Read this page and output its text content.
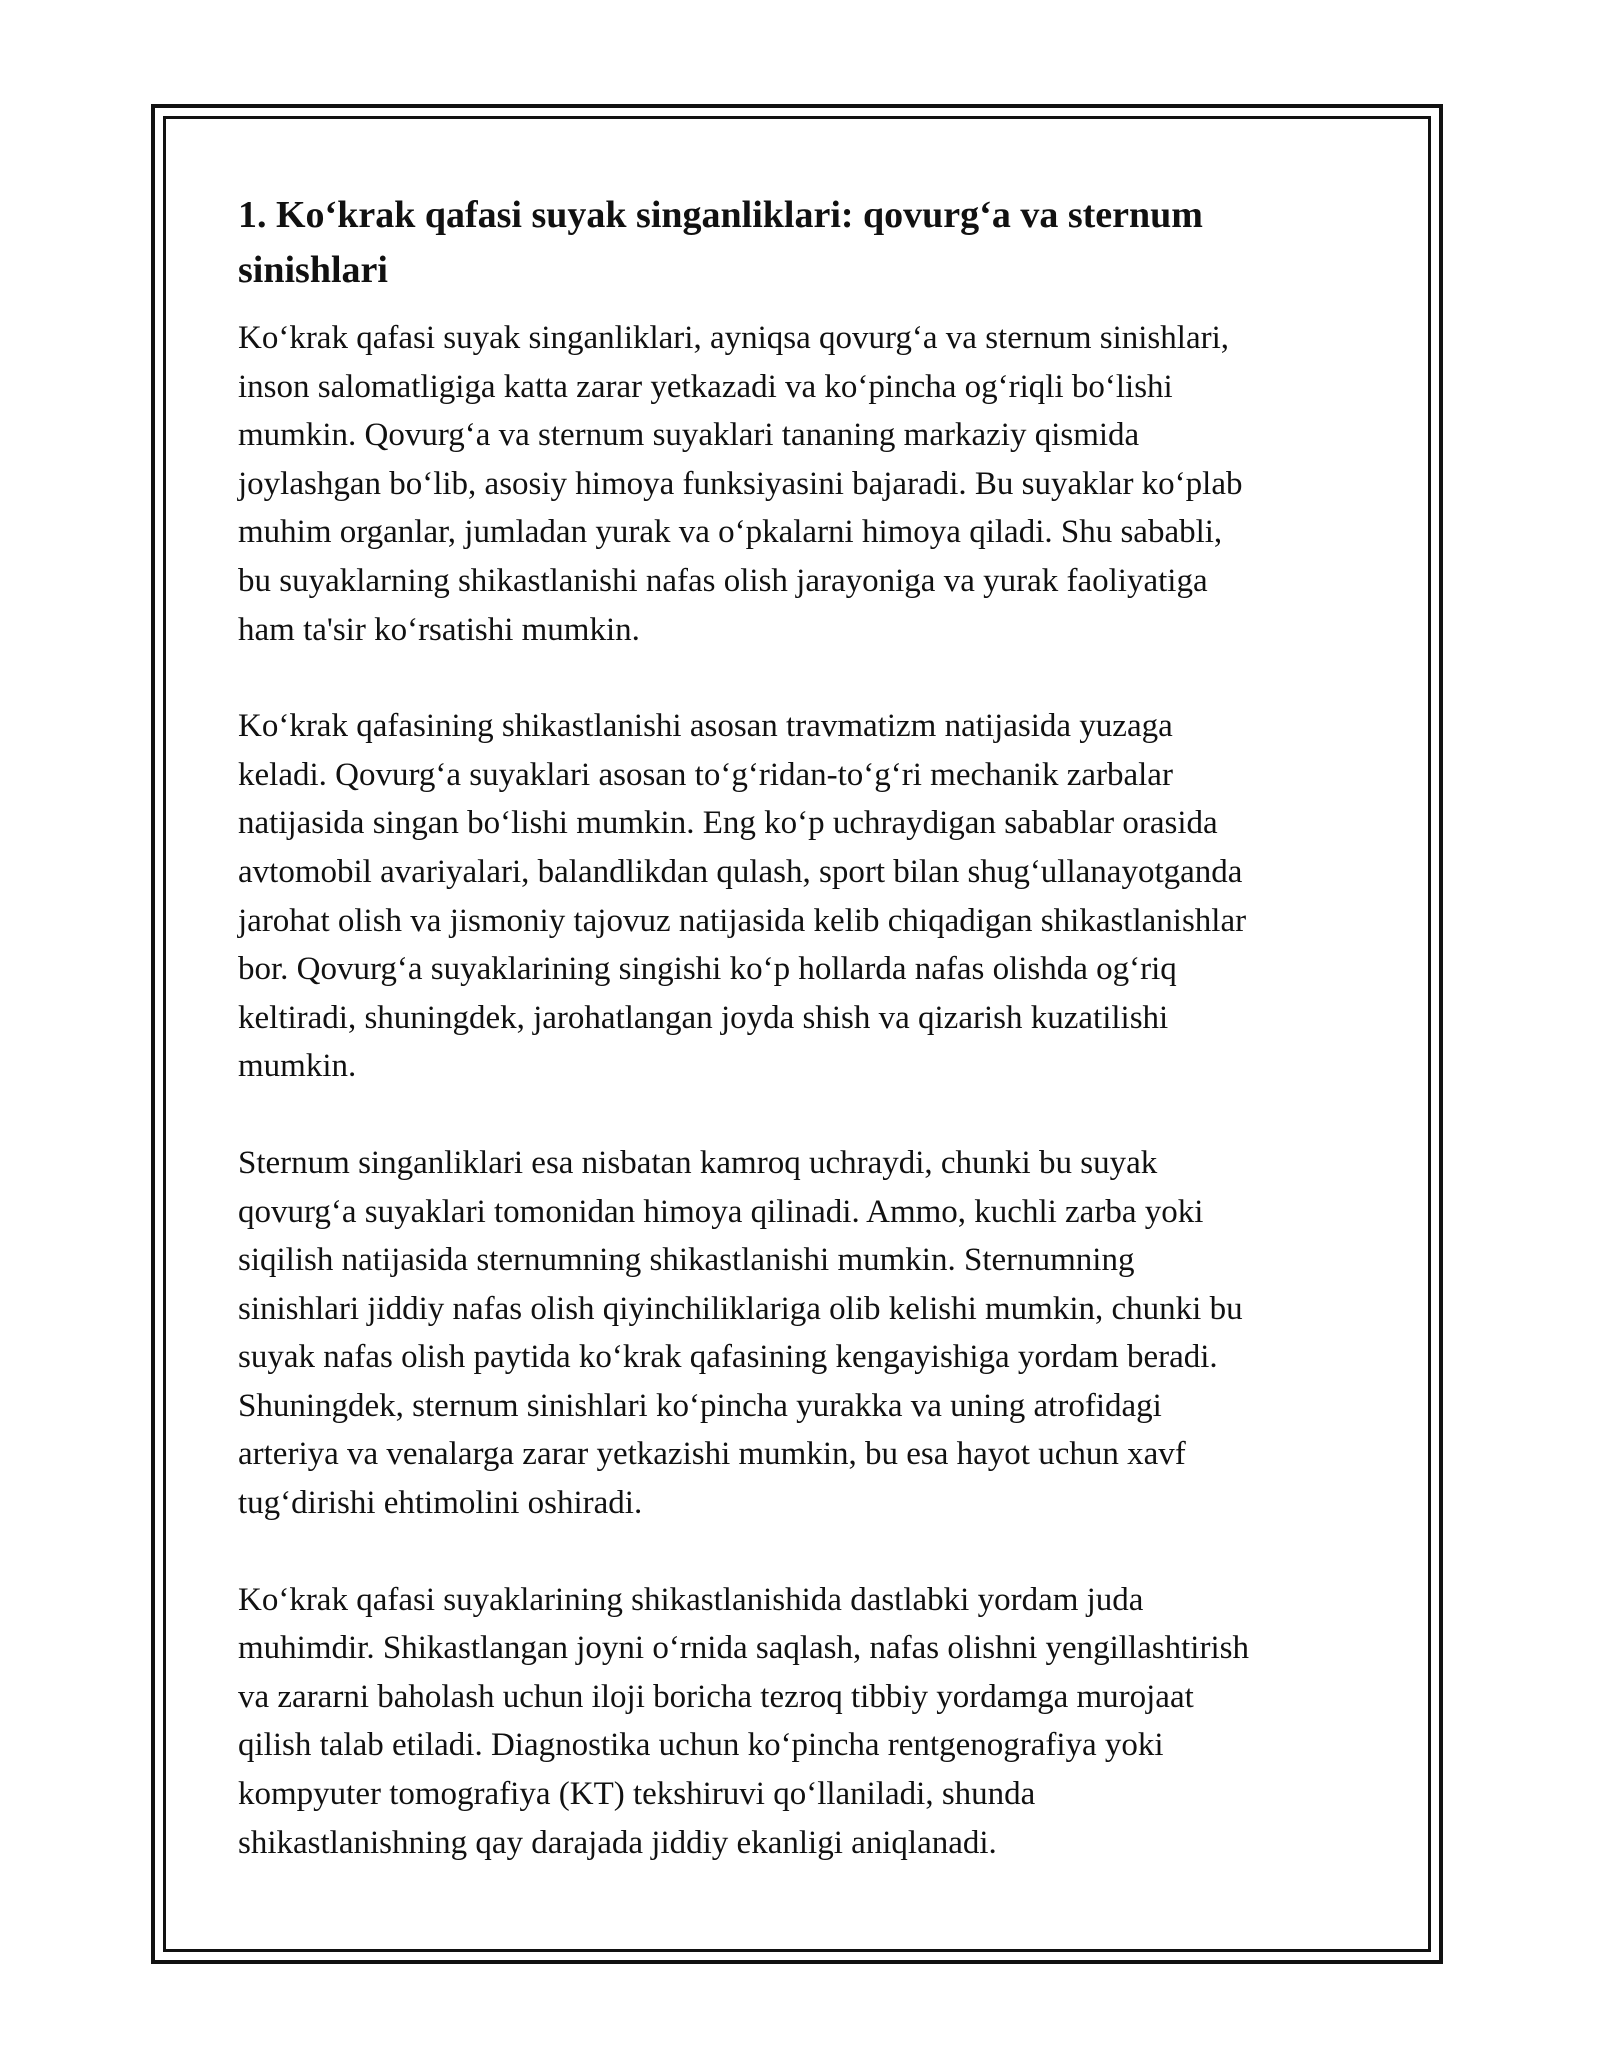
1. Ko‘krak qafasi suyak singanliklari: qovurg‘a va sternum
sinishlari

Ko‘krak qafasi suyak singanliklari, ayniqsa qovurg‘a va sternum sinishlari,
inson salomatligiga katta zarar yetkazadi va ko‘pincha og‘riqli bo‘lishi
mumkin. Qovurg‘a va sternum suyaklari tananing markaziy qismida
joylashgan bo‘lib, asosiy himoya funksiyasini bajaradi. Bu suyaklar ko‘plab
muhim organlar, jumladan yurak va o‘pkalarni himoya qiladi. Shu sababli,
bu suyaklarning shikastlanishi nafas olish jarayoniga va yurak faoliyatiga
ham ta'sir ko‘rsatishi mumkin.

Ko‘krak qafasining shikastlanishi asosan travmatizm natijasida yuzaga
keladi. Qovurg‘a suyaklari asosan to‘g‘ridan-to‘g‘ri mechanik zarbalar
natijasida singan bo‘lishi mumkin. Eng ko‘p uchraydigan sabablar orasida
avtomobil avariyalari, balandlikdan qulash, sport bilan shug‘ullanayotganda
jarohat olish va jismoniy tajovuz natijasida kelib chiqadigan shikastlanishlar
bor. Qovurg‘a suyaklarining singishi ko‘p hollarda nafas olishda og‘riq
keltiradi, shuningdek, jarohatlangan joyda shish va qizarish kuzatilishi
mumkin.

Sternum singanliklari esa nisbatan kamroq uchraydi, chunki bu suyak
qovurg‘a suyaklari tomonidan himoya qilinadi. Ammo, kuchli zarba yoki
siqilish natijasida sternumning shikastlanishi mumkin. Sternumning
sinishlari jiddiy nafas olish qiyinchiliklariga olib kelishi mumkin, chunki bu
suyak nafas olish paytida ko‘krak qafasining kengayishiga yordam beradi.
Shuningdek, sternum sinishlari ko‘pincha yurakka va uning atrofidagi
arteriya va venalarga zarar yetkazishi mumkin, bu esa hayot uchun xavf
tug‘dirishi ehtimolini oshiradi.

Ko‘krak qafasi suyaklarining shikastlanishida dastlabki yordam juda
muhimdir. Shikastlangan joyni o‘rnida saqlash, nafas olishni yengillashtirish
va zararni baholash uchun iloji boricha tezroq tibbiy yordamga murojaat
qilish talab etiladi. Diagnostika uchun ko‘pincha rentgenografiya yoki
kompyuter tomografiya (KT) tekshiruvi qo‘llaniladi, shunda
shikastlanishning qay darajada jiddiy ekanligi aniqlanadi.
